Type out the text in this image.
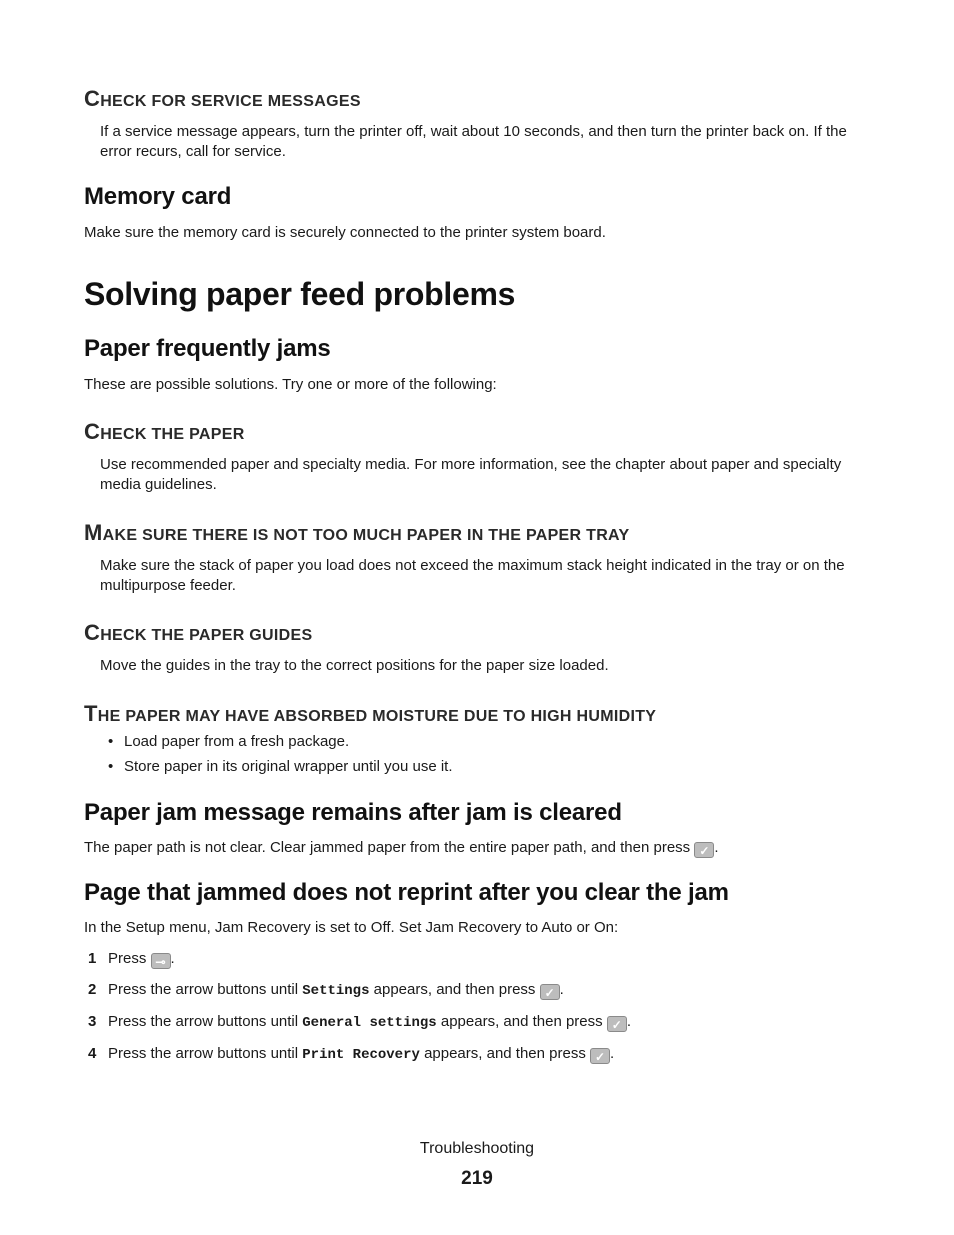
CHECK FOR SERVICE MESSAGES
If a service message appears, turn the printer off, wait about 10 seconds, and then turn the printer back on. If the error recurs, call for service.
Memory card
Make sure the memory card is securely connected to the printer system board.
Solving paper feed problems
Paper frequently jams
These are possible solutions. Try one or more of the following:
CHECK THE PAPER
Use recommended paper and specialty media. For more information, see the chapter about paper and specialty media guidelines.
MAKE SURE THERE IS NOT TOO MUCH PAPER IN THE PAPER TRAY
Make sure the stack of paper you load does not exceed the maximum stack height indicated in the tray or on the multipurpose feeder.
CHECK THE PAPER GUIDES
Move the guides in the tray to the correct positions for the paper size loaded.
THE PAPER MAY HAVE ABSORBED MOISTURE DUE TO HIGH HUMIDITY
• Load paper from a fresh package.
• Store paper in its original wrapper until you use it.
Paper jam message remains after jam is cleared
The paper path is not clear. Clear jammed paper from the entire paper path, and then press ✓ .
Page that jammed does not reprint after you clear the jam
In the Setup menu, Jam Recovery is set to Off. Set Jam Recovery to Auto or On:
1 Press ⊸ .
2 Press the arrow buttons until Settings appears, and then press ✓ .
3 Press the arrow buttons until General settings appears, and then press ✓ .
4 Press the arrow buttons until Print Recovery appears, and then press ✓ .
Troubleshooting
219
